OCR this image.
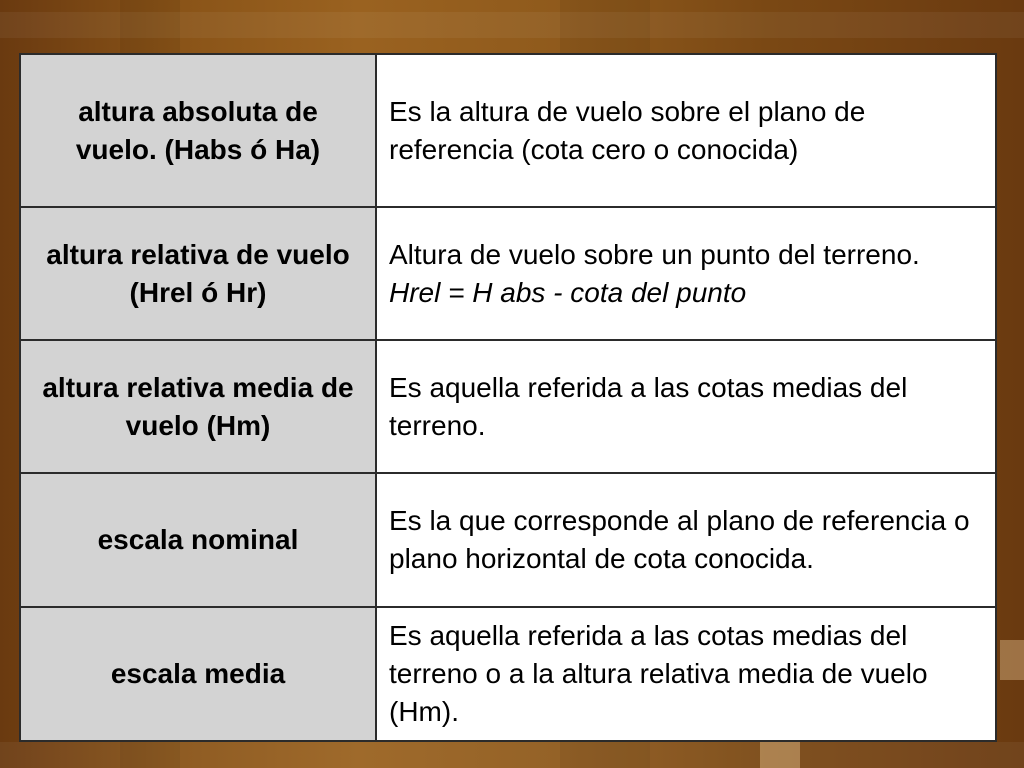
altura absoluta de vuelo. (Habs ó Ha)	Es la altura de vuelo sobre el plano de referencia (cota cero o conocida)

altura relativa de vuelo (Hrel ó Hr)	Altura de vuelo sobre un punto del terreno.
Hrel = H abs - cota del punto

altura relativa media de vuelo (Hm)	Es aquella referida a las cotas medias del terreno.

escala nominal	Es la que corresponde al plano de referencia o plano horizontal de cota conocida.

escala media	Es aquella referida a las cotas medias del terreno o a la altura relativa media de vuelo (Hm).
